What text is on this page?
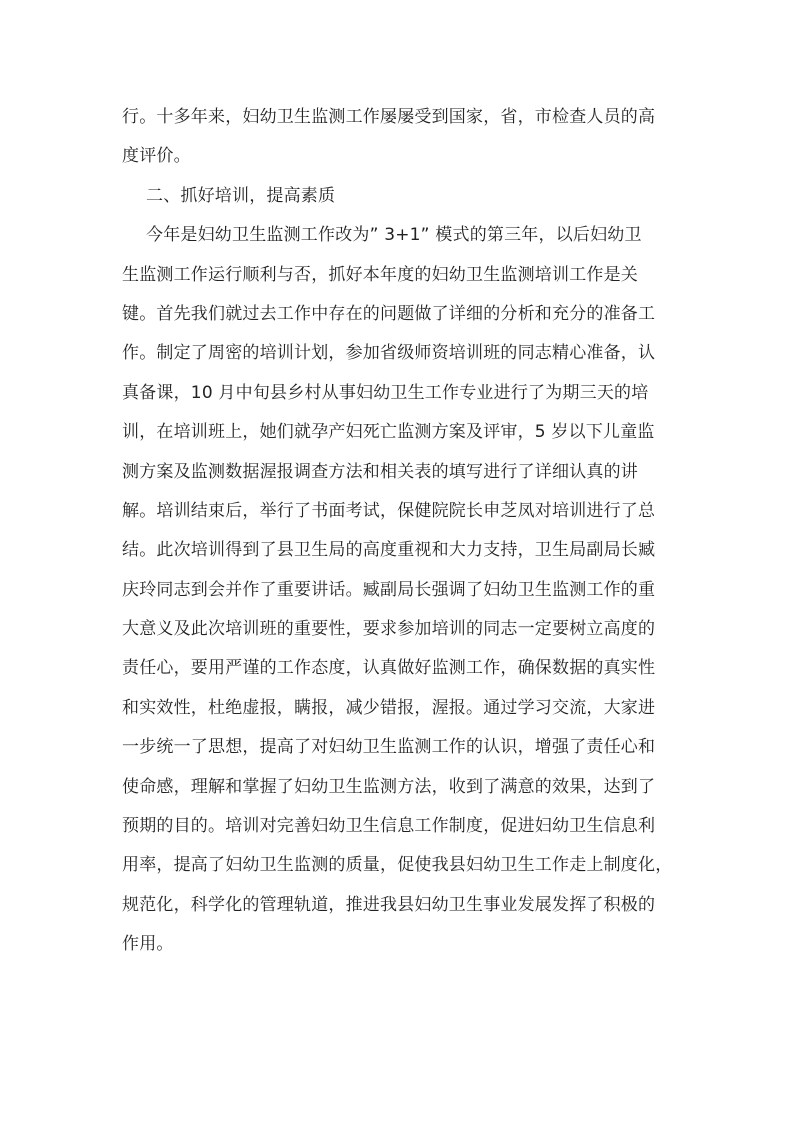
行。十多年来，妇幼卫生监测工作屡屡受到国家，省，市检查人员的高
度评价。
二、抓好培训，提高素质
今年是妇幼卫生监测工作改为” 3+1” 模式的第三年，以后妇幼卫
生监测工作运行顺利与否，抓好本年度的妇幼卫生监测培训工作是关
键。首先我们就过去工作中存在的问题做了详细的分析和充分的准备工
作。制定了周密的培训计划，参加省级师资培训班的同志精心准备，认
真备课，10 月中旬县乡村从事妇幼卫生工作专业进行了为期三天的培
训，在培训班上，她们就孕产妇死亡监测方案及评审，5 岁以下儿童监
测方案及监测数据渥报调查方法和相关表的填写进行了详细认真的讲
解。培训结束后，举行了书面考试，保健院院长申芝凤对培训进行了总
结。此次培训得到了县卫生局的高度重视和大力支持，卫生局副局长臧
庆玲同志到会并作了重要讲话。臧副局长强调了妇幼卫生监测工作的重
大意义及此次培训班的重要性，要求参加培训的同志一定要树立高度的
责任心，要用严谨的工作态度，认真做好监测工作，确保数据的真实性
和实效性，杜绝虚报，瞒报，减少错报，渥报。通过学习交流，大家进
一步统一了思想，提高了对妇幼卫生监测工作的认识，增强了责任心和
使命感，理解和掌握了妇幼卫生监测方法，收到了满意的效果，达到了
预期的目的。培训对完善妇幼卫生信息工作制度，促进妇幼卫生信息利
用率，提高了妇幼卫生监测的质量，促使我县妇幼卫生工作走上制度化，
规范化，科学化的管理轨道，推进我县妇幼卫生事业发展发挥了积极的
作用。
